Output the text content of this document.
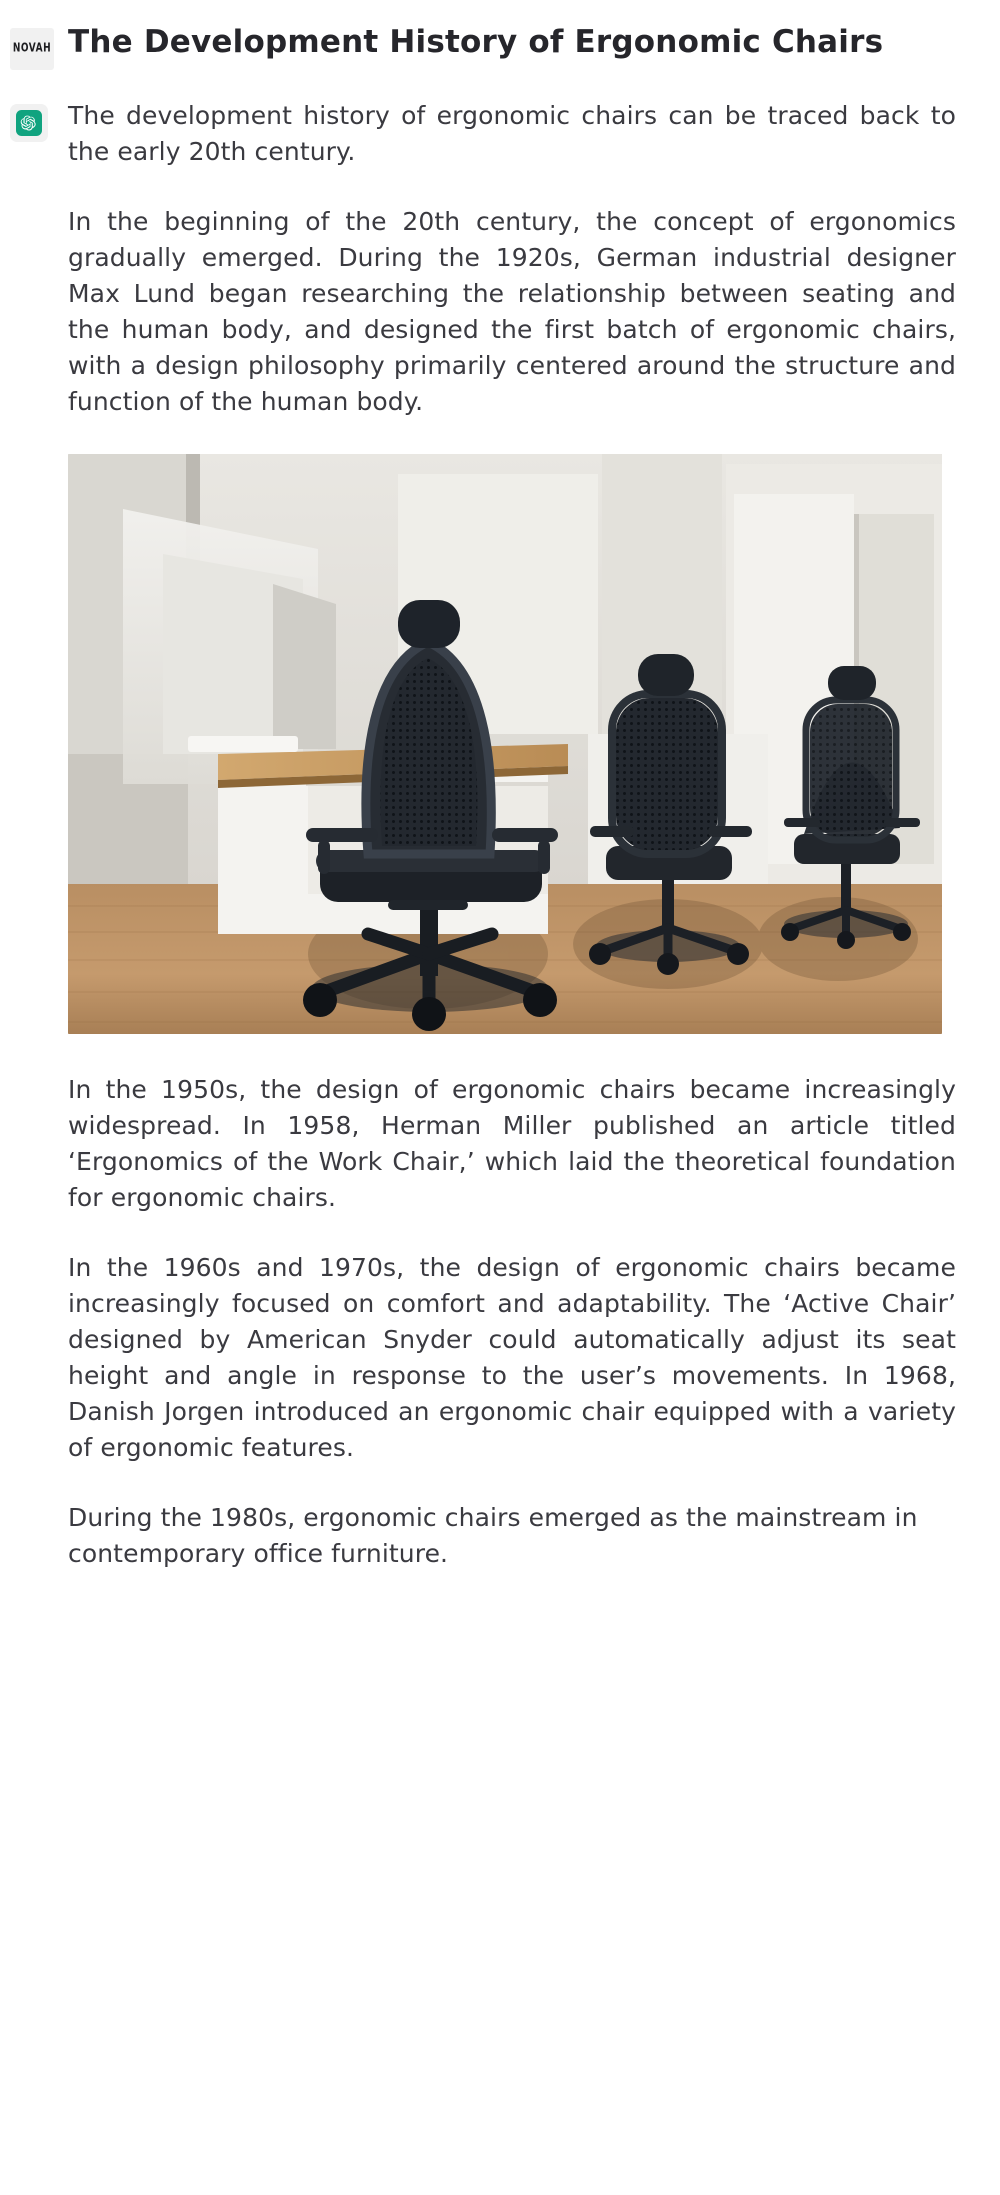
NOVAH The Development History of Ergonomic Chairs

The development history of ergonomic chairs can be traced back to the early 20th century.

In the beginning of the 20th century, the concept of ergonomics gradually emerged. During the 1920s, German industrial designer Max Lund began researching the relationship between seating and the human body, and designed the first batch of ergonomic chairs, with a design philosophy primarily centered around the structure and function of the human body.

In the 1950s, the design of ergonomic chairs became increasingly widespread. In 1958, Herman Miller published an article titled ‘Ergonomics of the Work Chair,’ which laid the theoretical foundation for ergonomic chairs.

In the 1960s and 1970s, the design of ergonomic chairs became increasingly focused on comfort and adaptability. The ‘Active Chair’ designed by American Snyder could automatically adjust its seat height and angle in response to the user’s movements. In 1968, Danish Jorgen introduced an ergonomic chair equipped with a variety of ergonomic features.

During the 1980s, ergonomic chairs emerged as the mainstream in contemporary office furniture.
